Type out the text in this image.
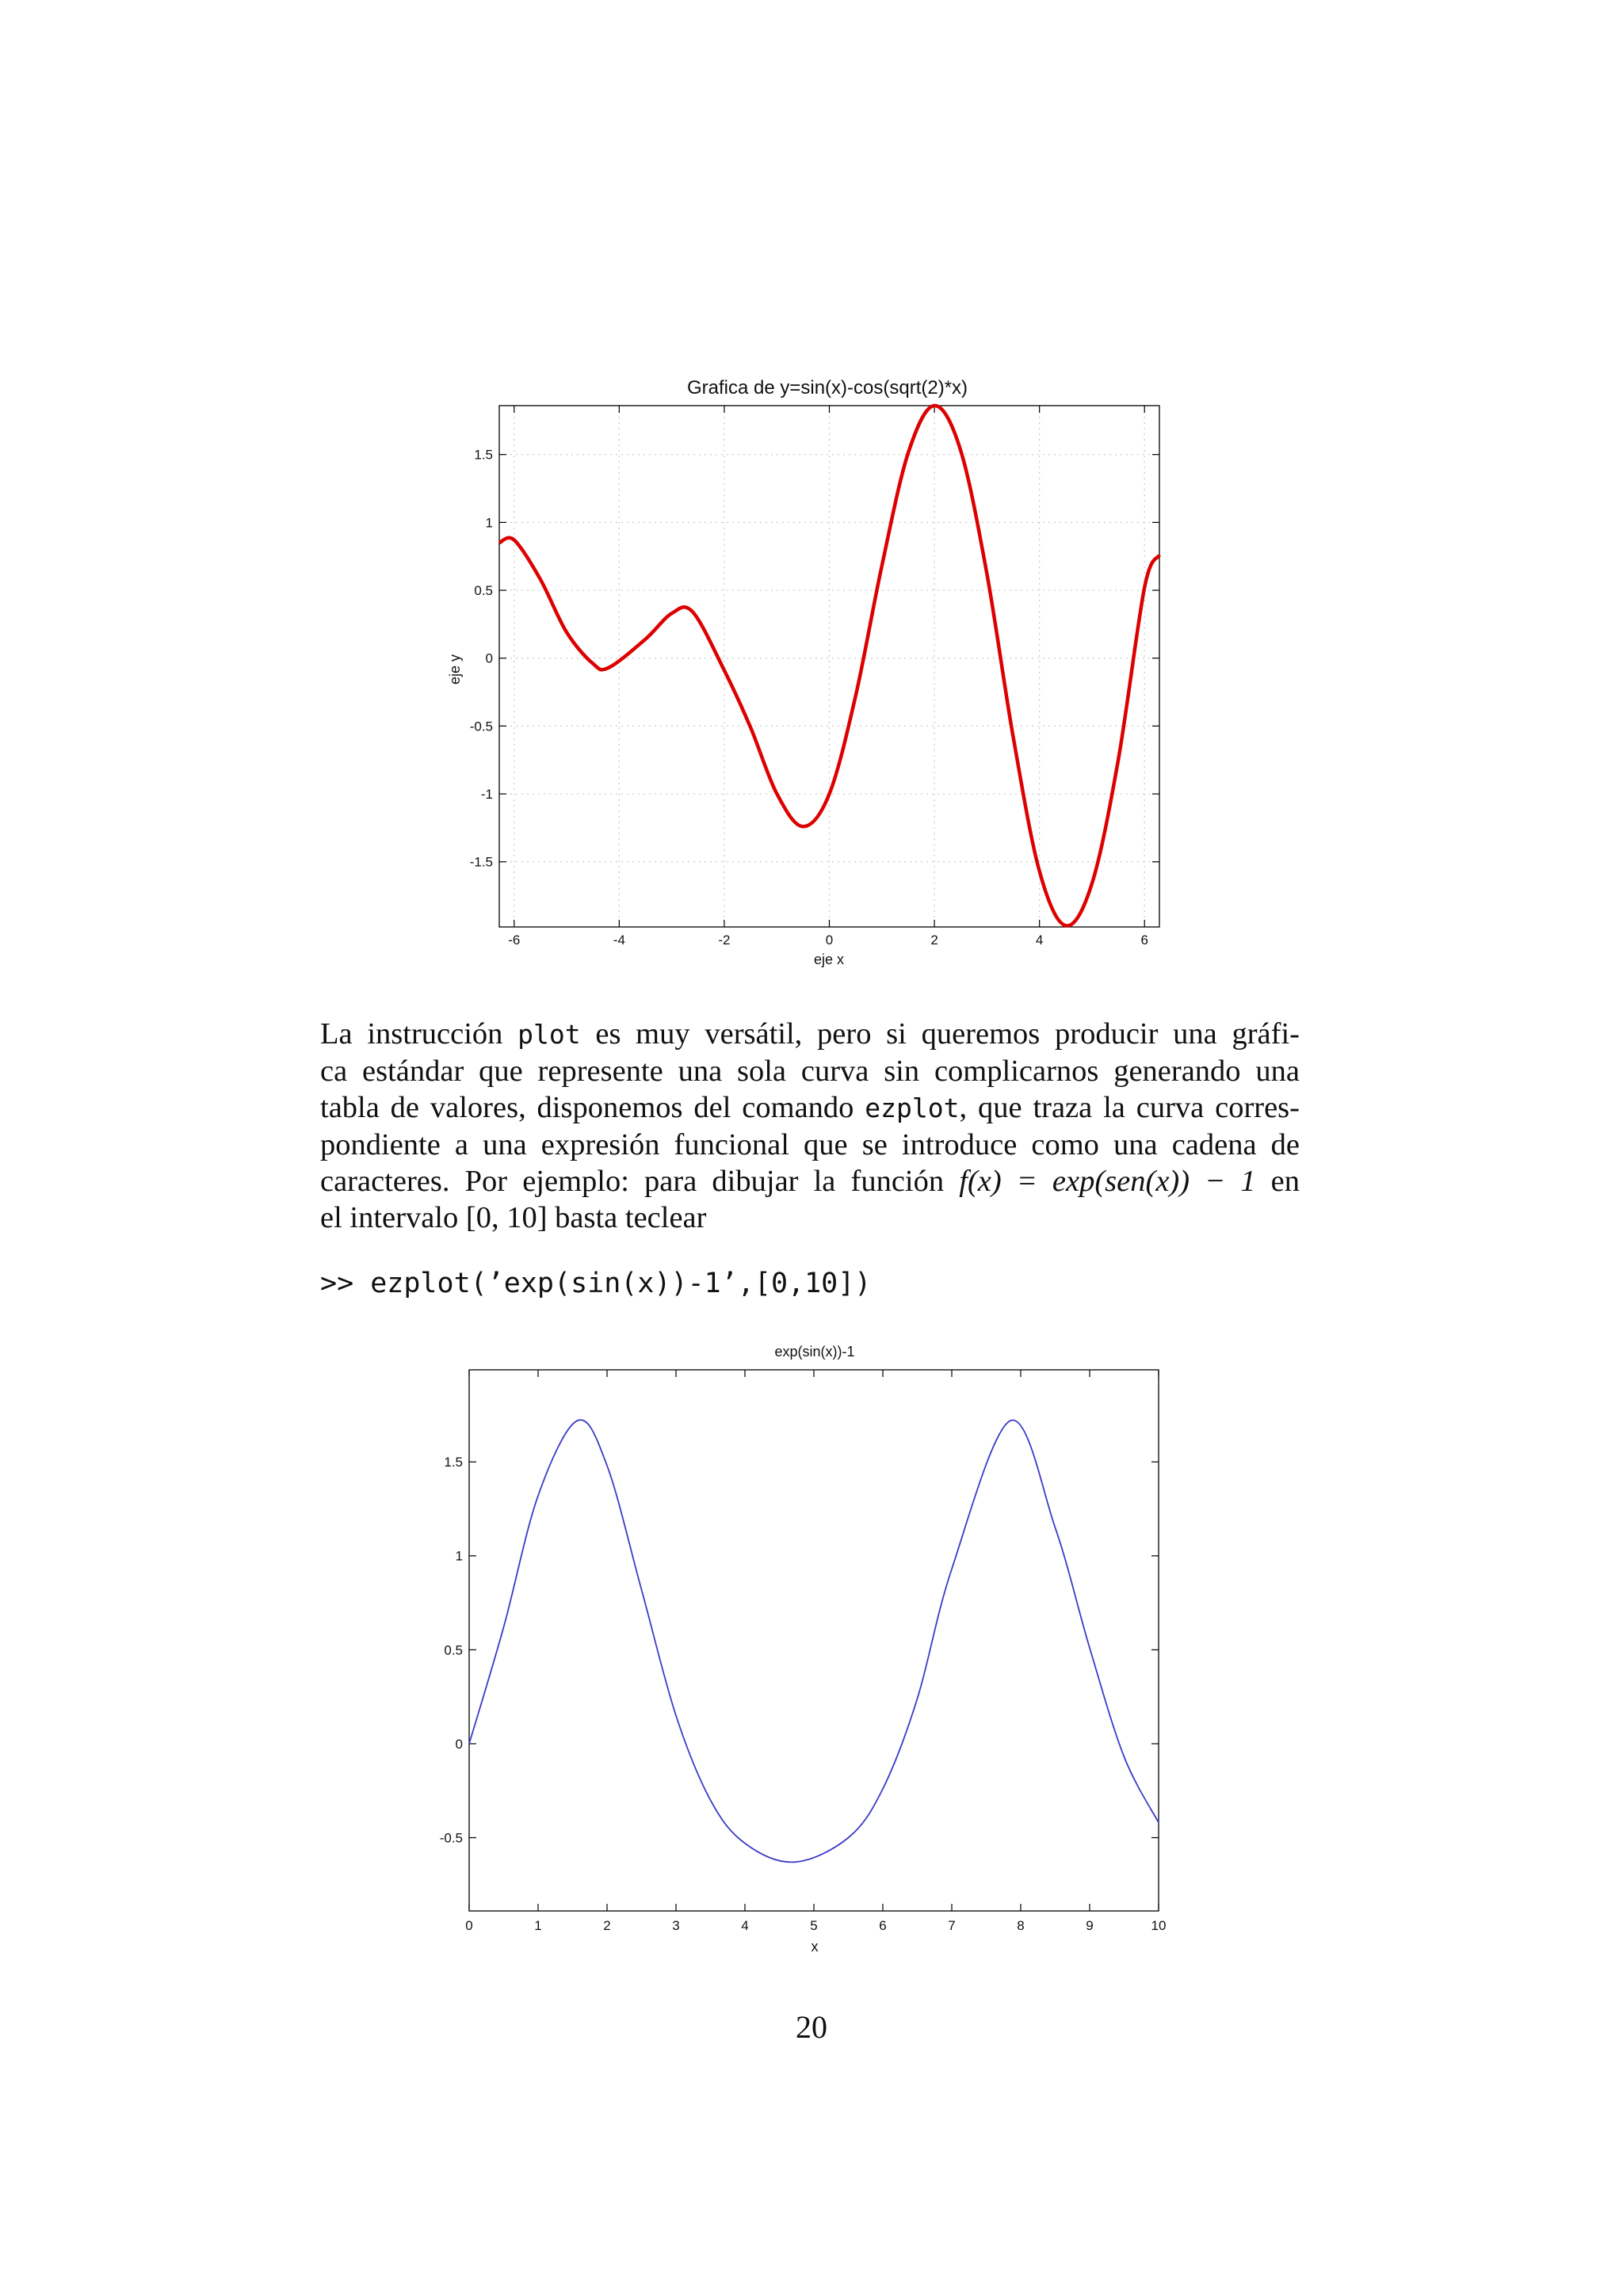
Grafica de y=sin(x)-cos(sqrt(2)*x)
eje y
eje x
-6	-4	-2	0	2	4	6
1.5
1
0.5
0
-0.5
-1
-1.5

La instrucción plot es muy versátil, pero si queremos producir una gráfi-
ca estándar que represente una sola curva sin complicarnos generando una
tabla de valores, disponemos del comando ezplot, que traza la curva corres-
pondiente a una expresión funcional que se introduce como una cadena de
caracteres. Por ejemplo: para dibujar la función f(x) = exp(sen(x)) − 1 en
el intervalo [0, 10] basta teclear

>> ezplot(’exp(sin(x))-1’,[0,10])
exp(sin(x))-1
x
0	1	2	3	4	5	6	7	8	9	10
1.5
1
0.5
0
-0.5
20
